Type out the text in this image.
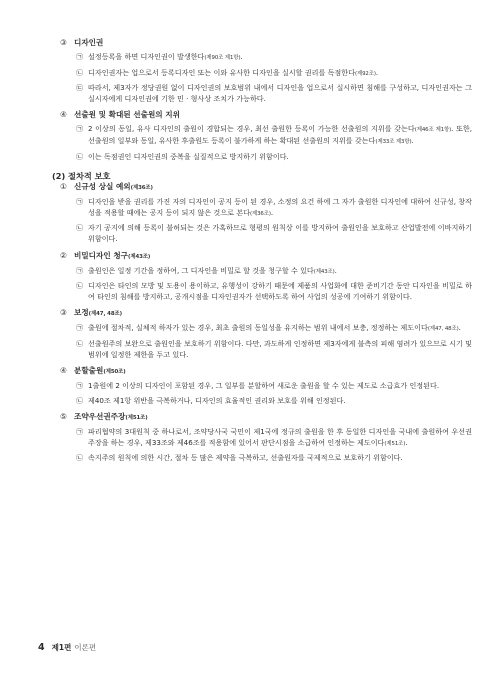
③ 디자인권
㉠ 설정등록을 하면 디자인권이 발생한다(제90조 제1항).
㉡ 디자인권자는 업으로서 등록디자인 또는 이와 유사한 디자인을 실시할 권리를 독점한다(제92조).
㉢ 따라서, 제3자가 정당권원 없이 디자인권의 보호범위 내에서 디자인을 업으로서 실시하면 침해를 구성하고, 디자인권자는 그 실시자에게 디자인권에 기한 민 · 형사상 조치가 가능하다.
④ 선출원 및 확대된 선출원의 지위
㉠ 2 이상의 동일, 유사 디자인의 출원이 경합되는 경우, 최선 출원한 등록이 가능한 선출원의 지위를 갖는다(제46조 제1항). 또한, 선출원의 일부와 동일, 유사한 후출원도 등록이 불가하게 하는 확대된 선출원의 지위를 갖는다(제33조 제3항).
㉡ 이는 독점권인 디자인권의 중복을 실질적으로 방지하기 위함이다.
(2) 절차적 보호
① 신규성 상실 예외(제36조)
㉠ 디자인을 받을 권리를 가진 자의 디자인이 공지 등이 된 경우, 소정의 요건 하에 그 자가 출원한 디자인에 대하여 신규성, 창작성을 적용할 때에는 공지 등이 되지 않은 것으로 본다(제36조).
㉡ 자기 공지에 의해 등록이 불허되는 것은 가혹하므로 형평의 원칙상 이를 방지하여 출원인을 보호하고 산업발전에 이바지하기 위함이다.
② 비밀디자인 청구(제43조)
㉠ 출원인은 일정 기간을 정하여, 그 디자인을 비밀로 할 것을 청구할 수 있다(제43조).
㉡ 디자인은 타인의 모방 및 도용이 용이하고, 유행성이 강하기 때문에 제품의 사업화에 대한 준비기간 동안 디자인을 비밀로 하여 타인의 침해를 방지하고, 공개시점을 디자인권자가 선택하도록 하여 사업의 성공에 기여하기 위함이다.
③ 보정(제47, 48조)
㉠ 출원에 절차적, 실체적 하자가 있는 경우, 최초 출원의 동일성을 유지하는 범위 내에서 보충, 정정하는 제도이다(제47, 48조).
㉡ 선출원주의 보완으로 출원인을 보호하기 위함이다. 다만, 과도하게 인정하면 제3자에게 불측의 피해 염려가 있으므로 시기 및 범위에 일정한 제한을 두고 있다.
④ 분할출원(제50조)
㉠ 1출원에 2 이상의 디자인이 포함된 경우, 그 일부를 분할하여 새로운 출원을 할 수 있는 제도로 소급효가 인정된다.
㉡ 제40조 제1항 위반을 극복하거나, 디자인의 효율적인 권리와 보호를 위해 인정된다.
⑤ 조약우선권주장(제51조)
㉠ 파리협약의 3대원칙 중 하나로서, 조약당사국 국민이 제1국에 정규의 출원을 한 후 동일한 디자인을 국내에 출원하여 우선권주장을 하는 경우, 제33조와 제46조를 적용함에 있어서 판단시점을 소급하여 인정하는 제도이다(제51조).
㉡ 속지주의 원칙에 의한 시간, 절차 등 많은 제약을 극복하고, 선출원자를 국제적으로 보호하기 위함이다.
4 제1편 이론편
